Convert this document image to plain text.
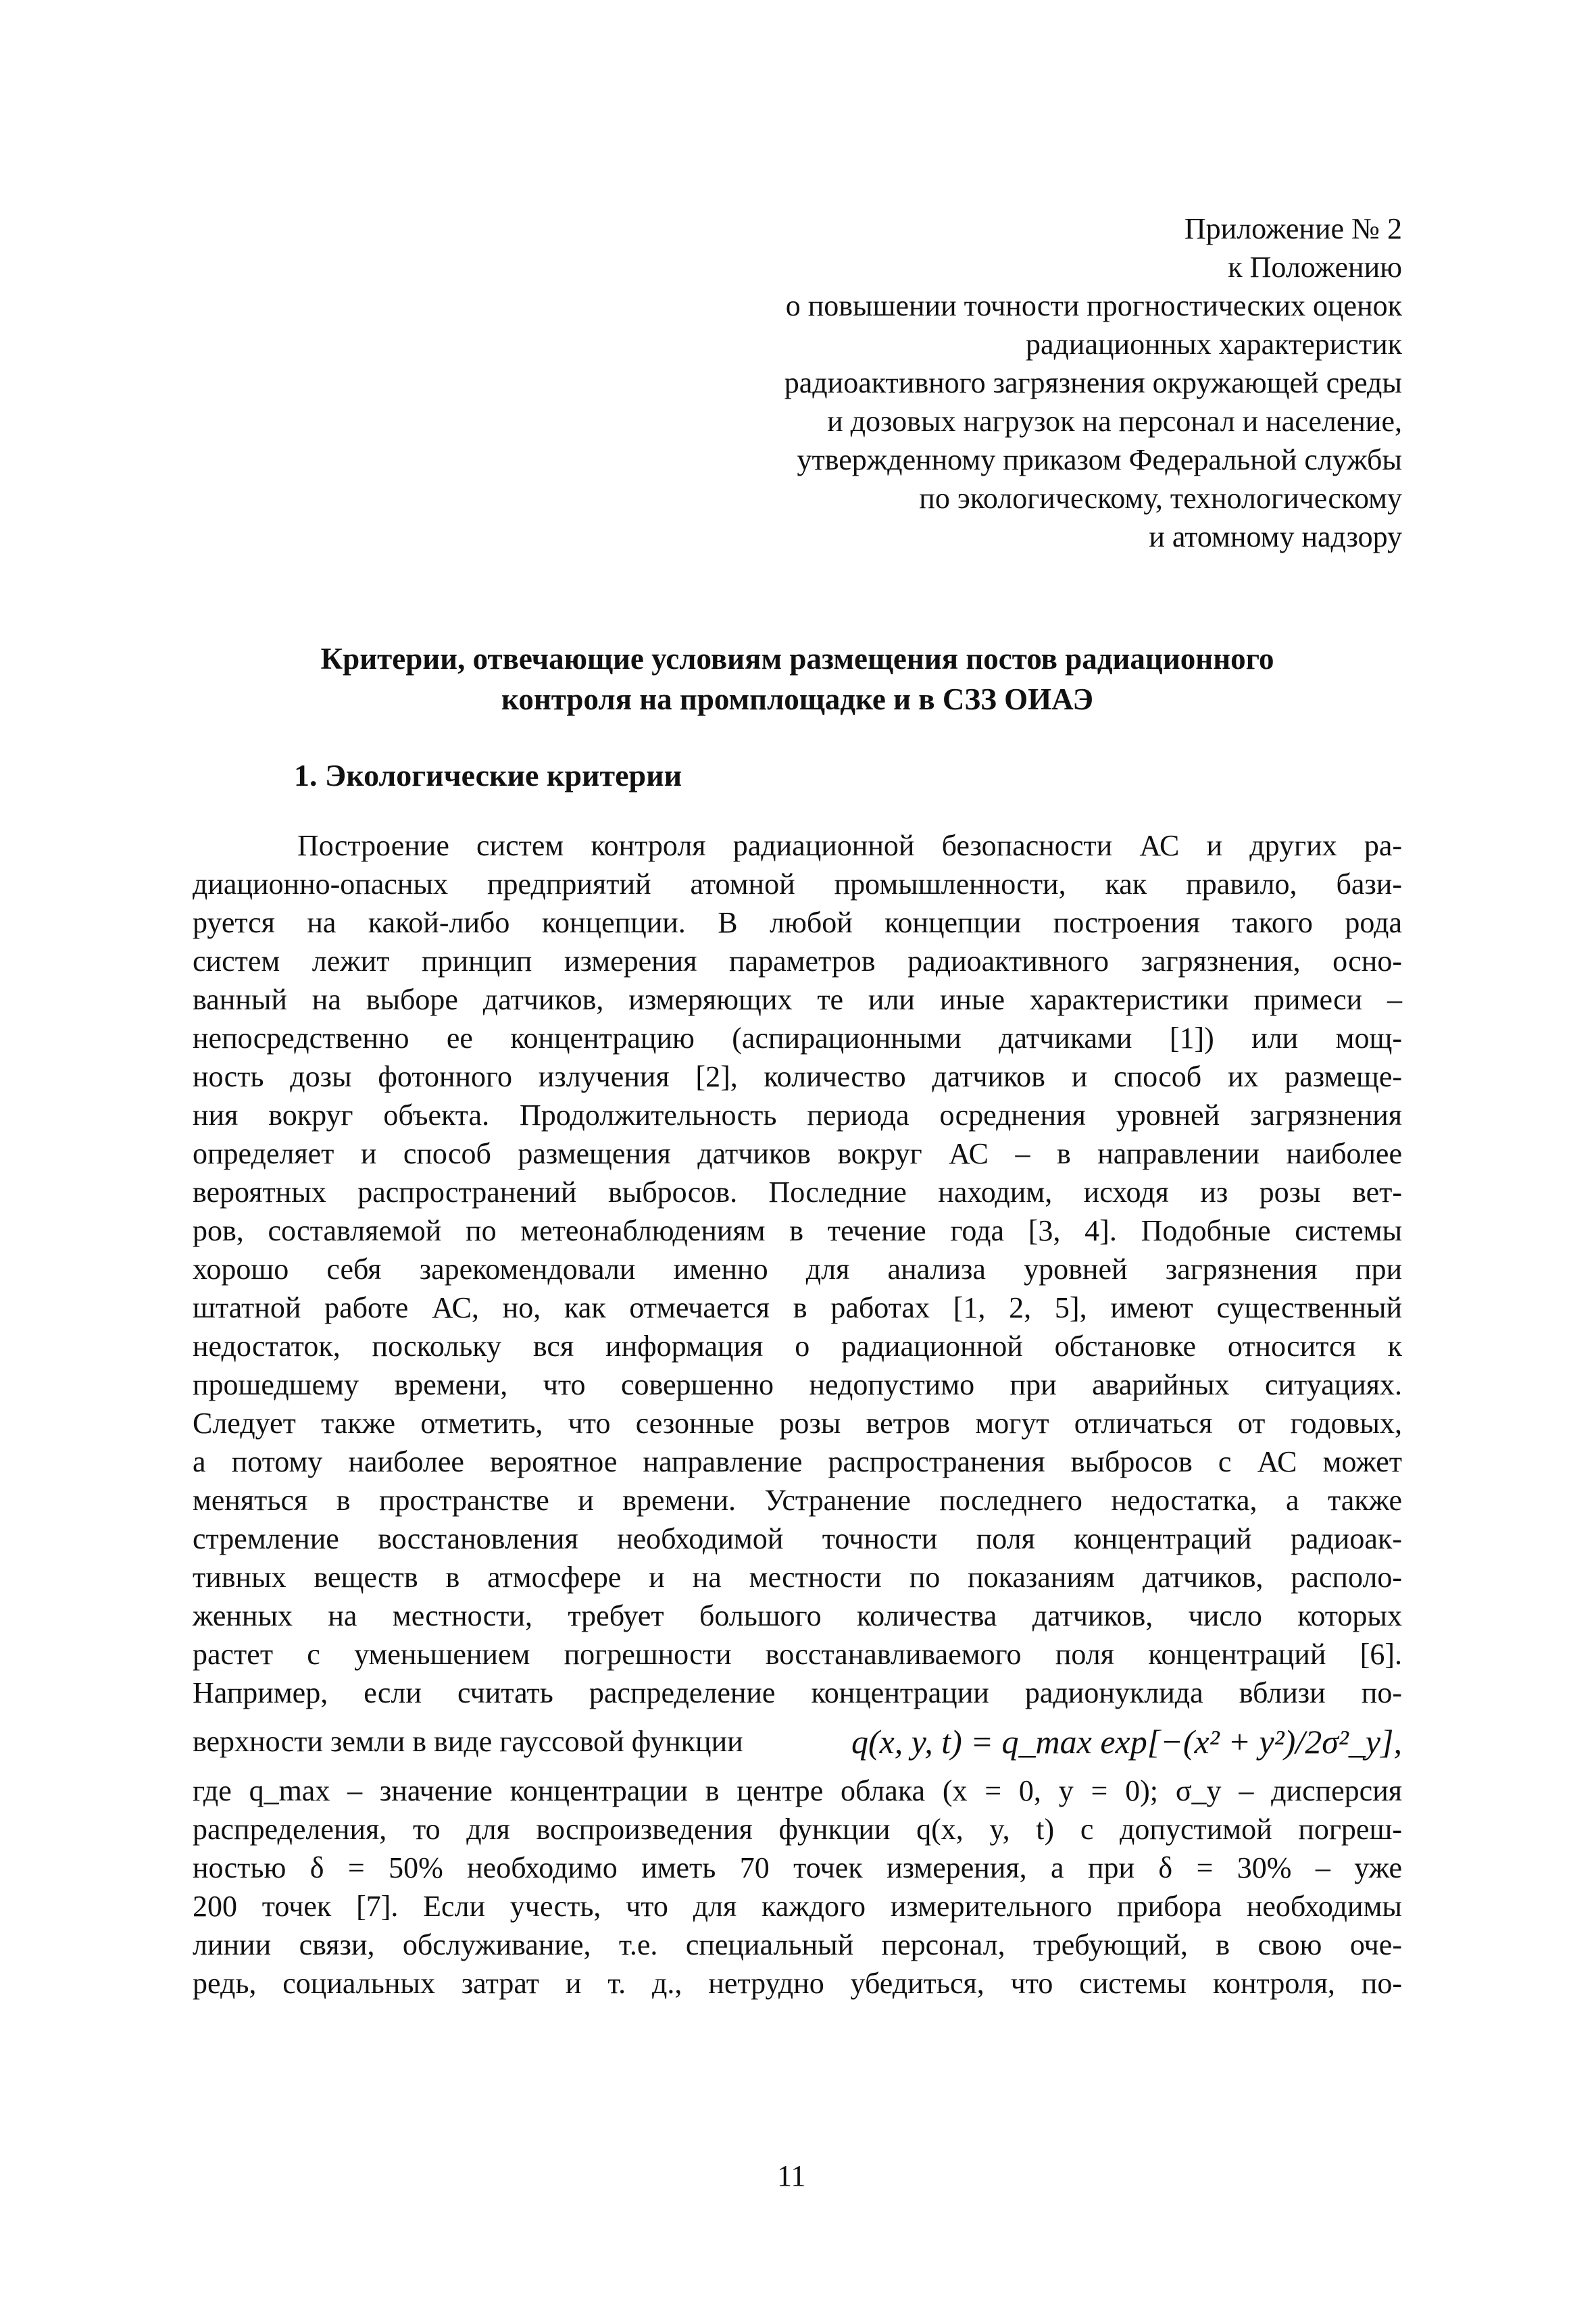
Приложение № 2
к Положению
о повышении точности прогностических оценок
радиационных характеристик
радиоактивного загрязнения окружающей среды
и дозовых нагрузок на персонал и население,
утвержденному приказом Федеральной службы
по экологическому, технологическому
и атомному надзору
Критерии, отвечающие условиям размещения постов радиационного
контроля на промплощадке и в СЗЗ ОИАЭ
1. Экологические критерии
Построение систем контроля радиационной безопасности АС и других ра-
диационно-опасных предприятий атомной промышленности, как правило, бази-
руется на какой-либо концепции. В любой концепции построения такого рода
систем лежит принцип измерения параметров радиоактивного загрязнения, осно-
ванный на выборе датчиков, измеряющих те или иные характеристики примеси –
непосредственно ее концентрацию (аспирационными датчиками [1]) или мощ-
ность дозы фотонного излучения [2], количество датчиков и способ их размеще-
ния вокруг объекта. Продолжительность периода осреднения уровней загрязнения
определяет и способ размещения датчиков вокруг АС – в направлении наиболее
вероятных распространений выбросов. Последние находим, исходя из розы вет-
ров, составляемой по метеонаблюдениям в течение года [3, 4]. Подобные системы
хорошо себя зарекомендовали именно для анализа уровней загрязнения при
штатной работе АС, но, как отмечается в работах [1, 2, 5], имеют существенный
недостаток, поскольку вся информация о радиационной обстановке относится к
прошедшему времени, что совершенно недопустимо при аварийных ситуациях.
Следует также отметить, что сезонные розы ветров могут отличаться от годовых,
а потому наиболее вероятное направление распространения выбросов с АС может
меняться в пространстве и времени. Устранение последнего недостатка, а также
стремление восстановления необходимой точности поля концентраций радиоак-
тивных веществ в атмосфере и на местности по показаниям датчиков, располо-
женных на местности, требует большого количества датчиков, число которых
растет с уменьшением погрешности восстанавливаемого поля концентраций [6].
Например, если считать распределение концентрации радионуклида вблизи по-
верхности земли в виде гауссовой функции	q(x, y, t) = q_max exp[−(x² + y²)/2σ²_y],
где q_max – значение концентрации в центре облака (x = 0, y = 0); σ_y – дисперсия
распределения, то для воспроизведения функции q(x, y, t) с допустимой погреш-
ностью δ = 50% необходимо иметь 70 точек измерения, а при δ = 30% – уже
200 точек [7]. Если учесть, что для каждого измерительного прибора необходимы
линии связи, обслуживание, т.е. специальный персонал, требующий, в свою оче-
редь, социальных затрат и т. д., нетрудно убедиться, что системы контроля, по-
11
